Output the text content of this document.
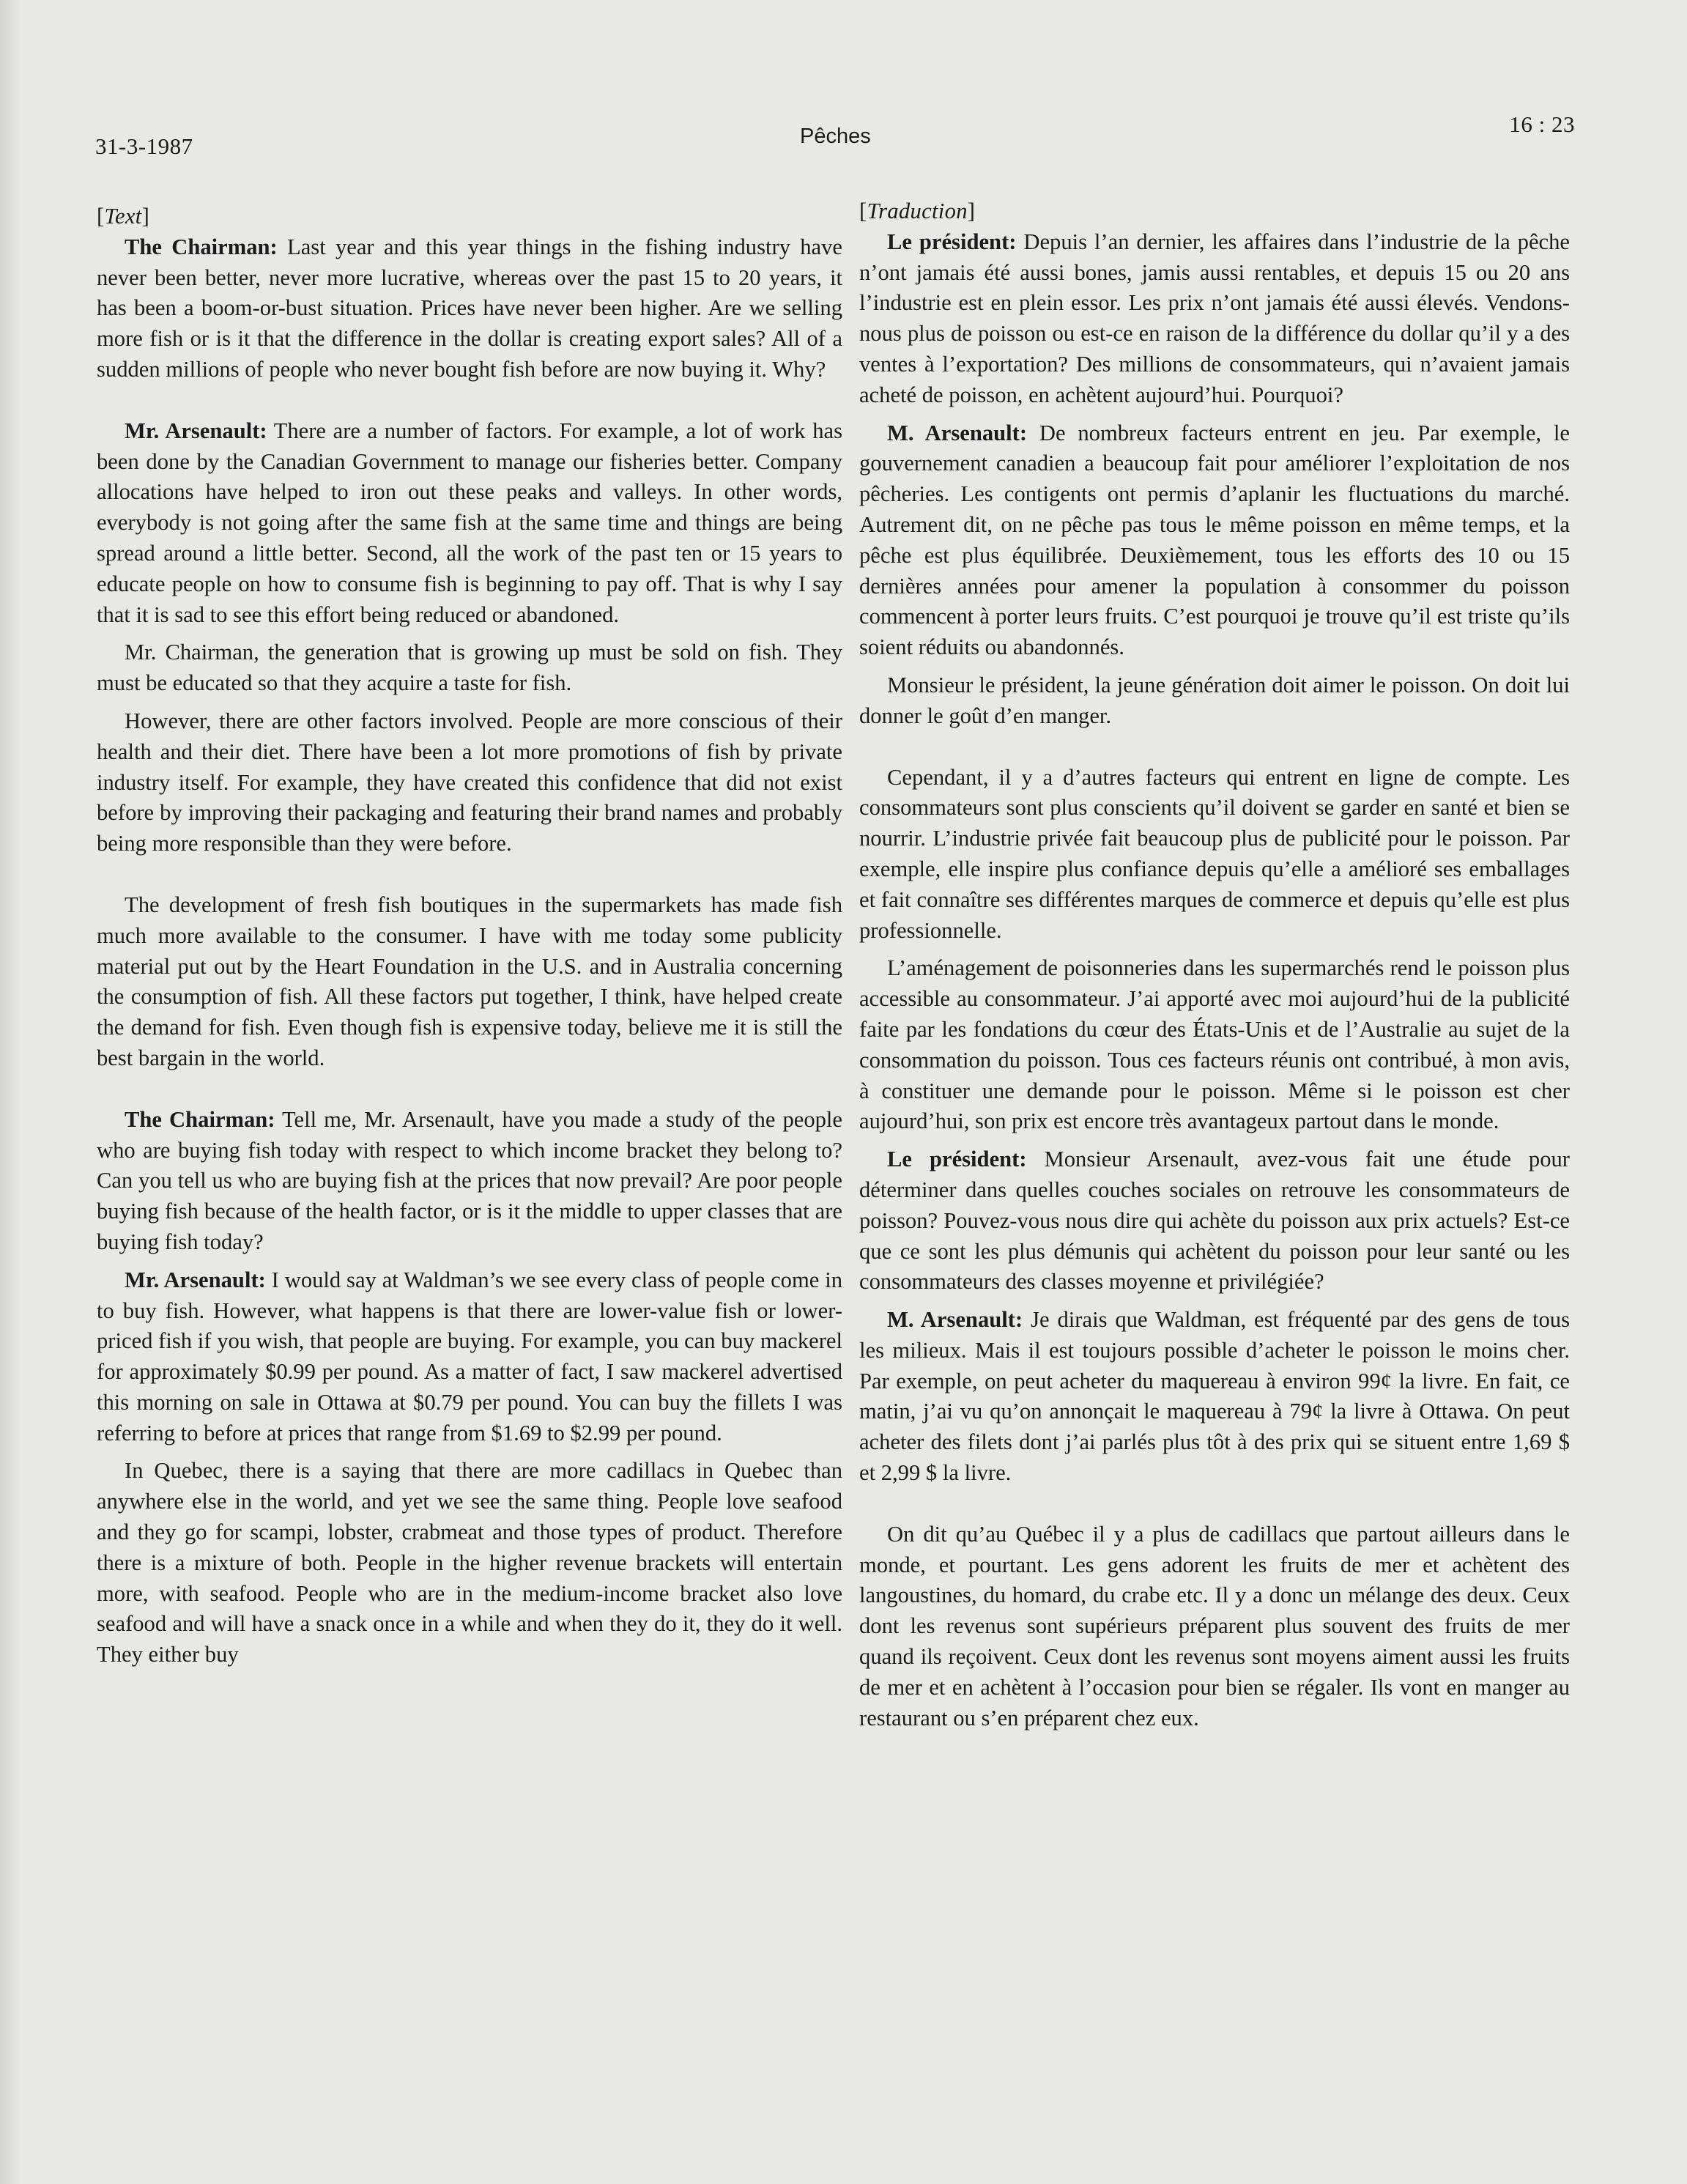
31-3-1987	Pêches	16 : 23
[Text]

The Chairman: Last year and this year things in the fishing industry have never been better, never more lucrative, whereas over the past 15 to 20 years, it has been a boom-or-bust situation. Prices have never been higher. Are we selling more fish or is it that the difference in the dollar is creating export sales? All of a sudden millions of people who never bought fish before are now buying it. Why?

Mr. Arsenault: There are a number of factors. For example, a lot of work has been done by the Canadian Government to manage our fisheries better. Company allocations have helped to iron out these peaks and valleys. In other words, everybody is not going after the same fish at the same time and things are being spread around a little better. Second, all the work of the past ten or 15 years to educate people on how to consume fish is beginning to pay off. That is why I say that it is sad to see this effort being reduced or abandoned.

Mr. Chairman, the generation that is growing up must be sold on fish. They must be educated so that they acquire a taste for fish.

However, there are other factors involved. People are more conscious of their health and their diet. There have been a lot more promotions of fish by private industry itself. For example, they have created this confidence that did not exist before by improving their packaging and featuring their brand names and probably being more responsible than they were before.

The development of fresh fish boutiques in the supermarkets has made fish much more available to the consumer. I have with me today some publicity material put out by the Heart Foundation in the U.S. and in Australia concerning the consumption of fish. All these factors put together, I think, have helped create the demand for fish. Even though fish is expensive today, believe me it is still the best bargain in the world.

The Chairman: Tell me, Mr. Arsenault, have you made a study of the people who are buying fish today with respect to which income bracket they belong to? Can you tell us who are buying fish at the prices that now prevail? Are poor people buying fish because of the health factor, or is it the middle to upper classes that are buying fish today?

Mr. Arsenault: I would say at Waldman’s we see every class of people come in to buy fish. However, what happens is that there are lower-value fish or lower-priced fish if you wish, that people are buying. For example, you can buy mackerel for approximately $0.99 per pound. As a matter of fact, I saw mackerel advertised this morning on sale in Ottawa at $0.79 per pound. You can buy the fillets I was referring to before at prices that range from $1.69 to $2.99 per pound.

In Quebec, there is a saying that there are more cadillacs in Quebec than anywhere else in the world, and yet we see the same thing. People love seafood and they go for scampi, lobster, crabmeat and those types of product. Therefore there is a mixture of both. People in the higher revenue brackets will entertain more, with seafood. People who are in the medium-income bracket also love seafood and will have a snack once in a while and when they do it, they do it well. They either buy

[Traduction]

Le président: Depuis l’an dernier, les affaires dans l’industrie de la pêche n’ont jamais été aussi bones, jamis aussi rentables, et depuis 15 ou 20 ans l’industrie est en plein essor. Les prix n’ont jamais été aussi élevés. Vendons-nous plus de poisson ou est-ce en raison de la différence du dollar qu’il y a des ventes à l’exportation? Des millions de consommateurs, qui n’avaient jamais acheté de poisson, en achètent aujourd’hui. Pourquoi?

M. Arsenault: De nombreux facteurs entrent en jeu. Par exemple, le gouvernement canadien a beaucoup fait pour améliorer l’exploitation de nos pêcheries. Les contigents ont permis d’aplanir les fluctuations du marché. Autrement dit, on ne pêche pas tous le même poisson en même temps, et la pêche est plus équilibrée. Deuxièmement, tous les efforts des 10 ou 15 dernières années pour amener la population à consommer du poisson commencent à porter leurs fruits. C’est pourquoi je trouve qu’il est triste qu’ils soient réduits ou abandonnés.

Monsieur le président, la jeune génération doit aimer le poisson. On doit lui donner le goût d’en manger.

Cependant, il y a d’autres facteurs qui entrent en ligne de compte. Les consommateurs sont plus conscients qu’il doivent se garder en santé et bien se nourrir. L’industrie privée fait beaucoup plus de publicité pour le poisson. Par exemple, elle inspire plus confiance depuis qu’elle a amélioré ses emballages et fait connaître ses différentes marques de commerce et depuis qu’elle est plus professionnelle.

L’aménagement de poisonneries dans les supermarchés rend le poisson plus accessible au consommateur. J’ai apporté avec moi aujourd’hui de la publicité faite par les fondations du cœur des États-Unis et de l’Australie au sujet de la consommation du poisson. Tous ces facteurs réunis ont contribué, à mon avis, à constituer une demande pour le poisson. Même si le poisson est cher aujourd’hui, son prix est encore très avantageux partout dans le monde.

Le président: Monsieur Arsenault, avez-vous fait une étude pour déterminer dans quelles couches sociales on retrouve les consommateurs de poisson? Pouvez-vous nous dire qui achète du poisson aux prix actuels? Est-ce que ce sont les plus démunis qui achètent du poisson pour leur santé ou les consommateurs des classes moyenne et privilégiée?

M. Arsenault: Je dirais que Waldman, est fréquenté par des gens de tous les milieux. Mais il est toujours possible d’acheter le poisson le moins cher. Par exemple, on peut acheter du maquereau à environ 99¢ la livre. En fait, ce matin, j’ai vu qu’on annonçait le maquereau à 79¢ la livre à Ottawa. On peut acheter des filets dont j’ai parlés plus tôt à des prix qui se situent entre 1,69 $ et 2,99 $ la livre.

On dit qu’au Québec il y a plus de cadillacs que partout ailleurs dans le monde, et pourtant. Les gens adorent les fruits de mer et achètent des langoustines, du homard, du crabe etc. Il y a donc un mélange des deux. Ceux dont les revenus sont supérieurs préparent plus souvent des fruits de mer quand ils reçoivent. Ceux dont les revenus sont moyens aiment aussi les fruits de mer et en achètent à l’occasion pour bien se régaler. Ils vont en manger au restaurant ou s’en préparent chez eux.
